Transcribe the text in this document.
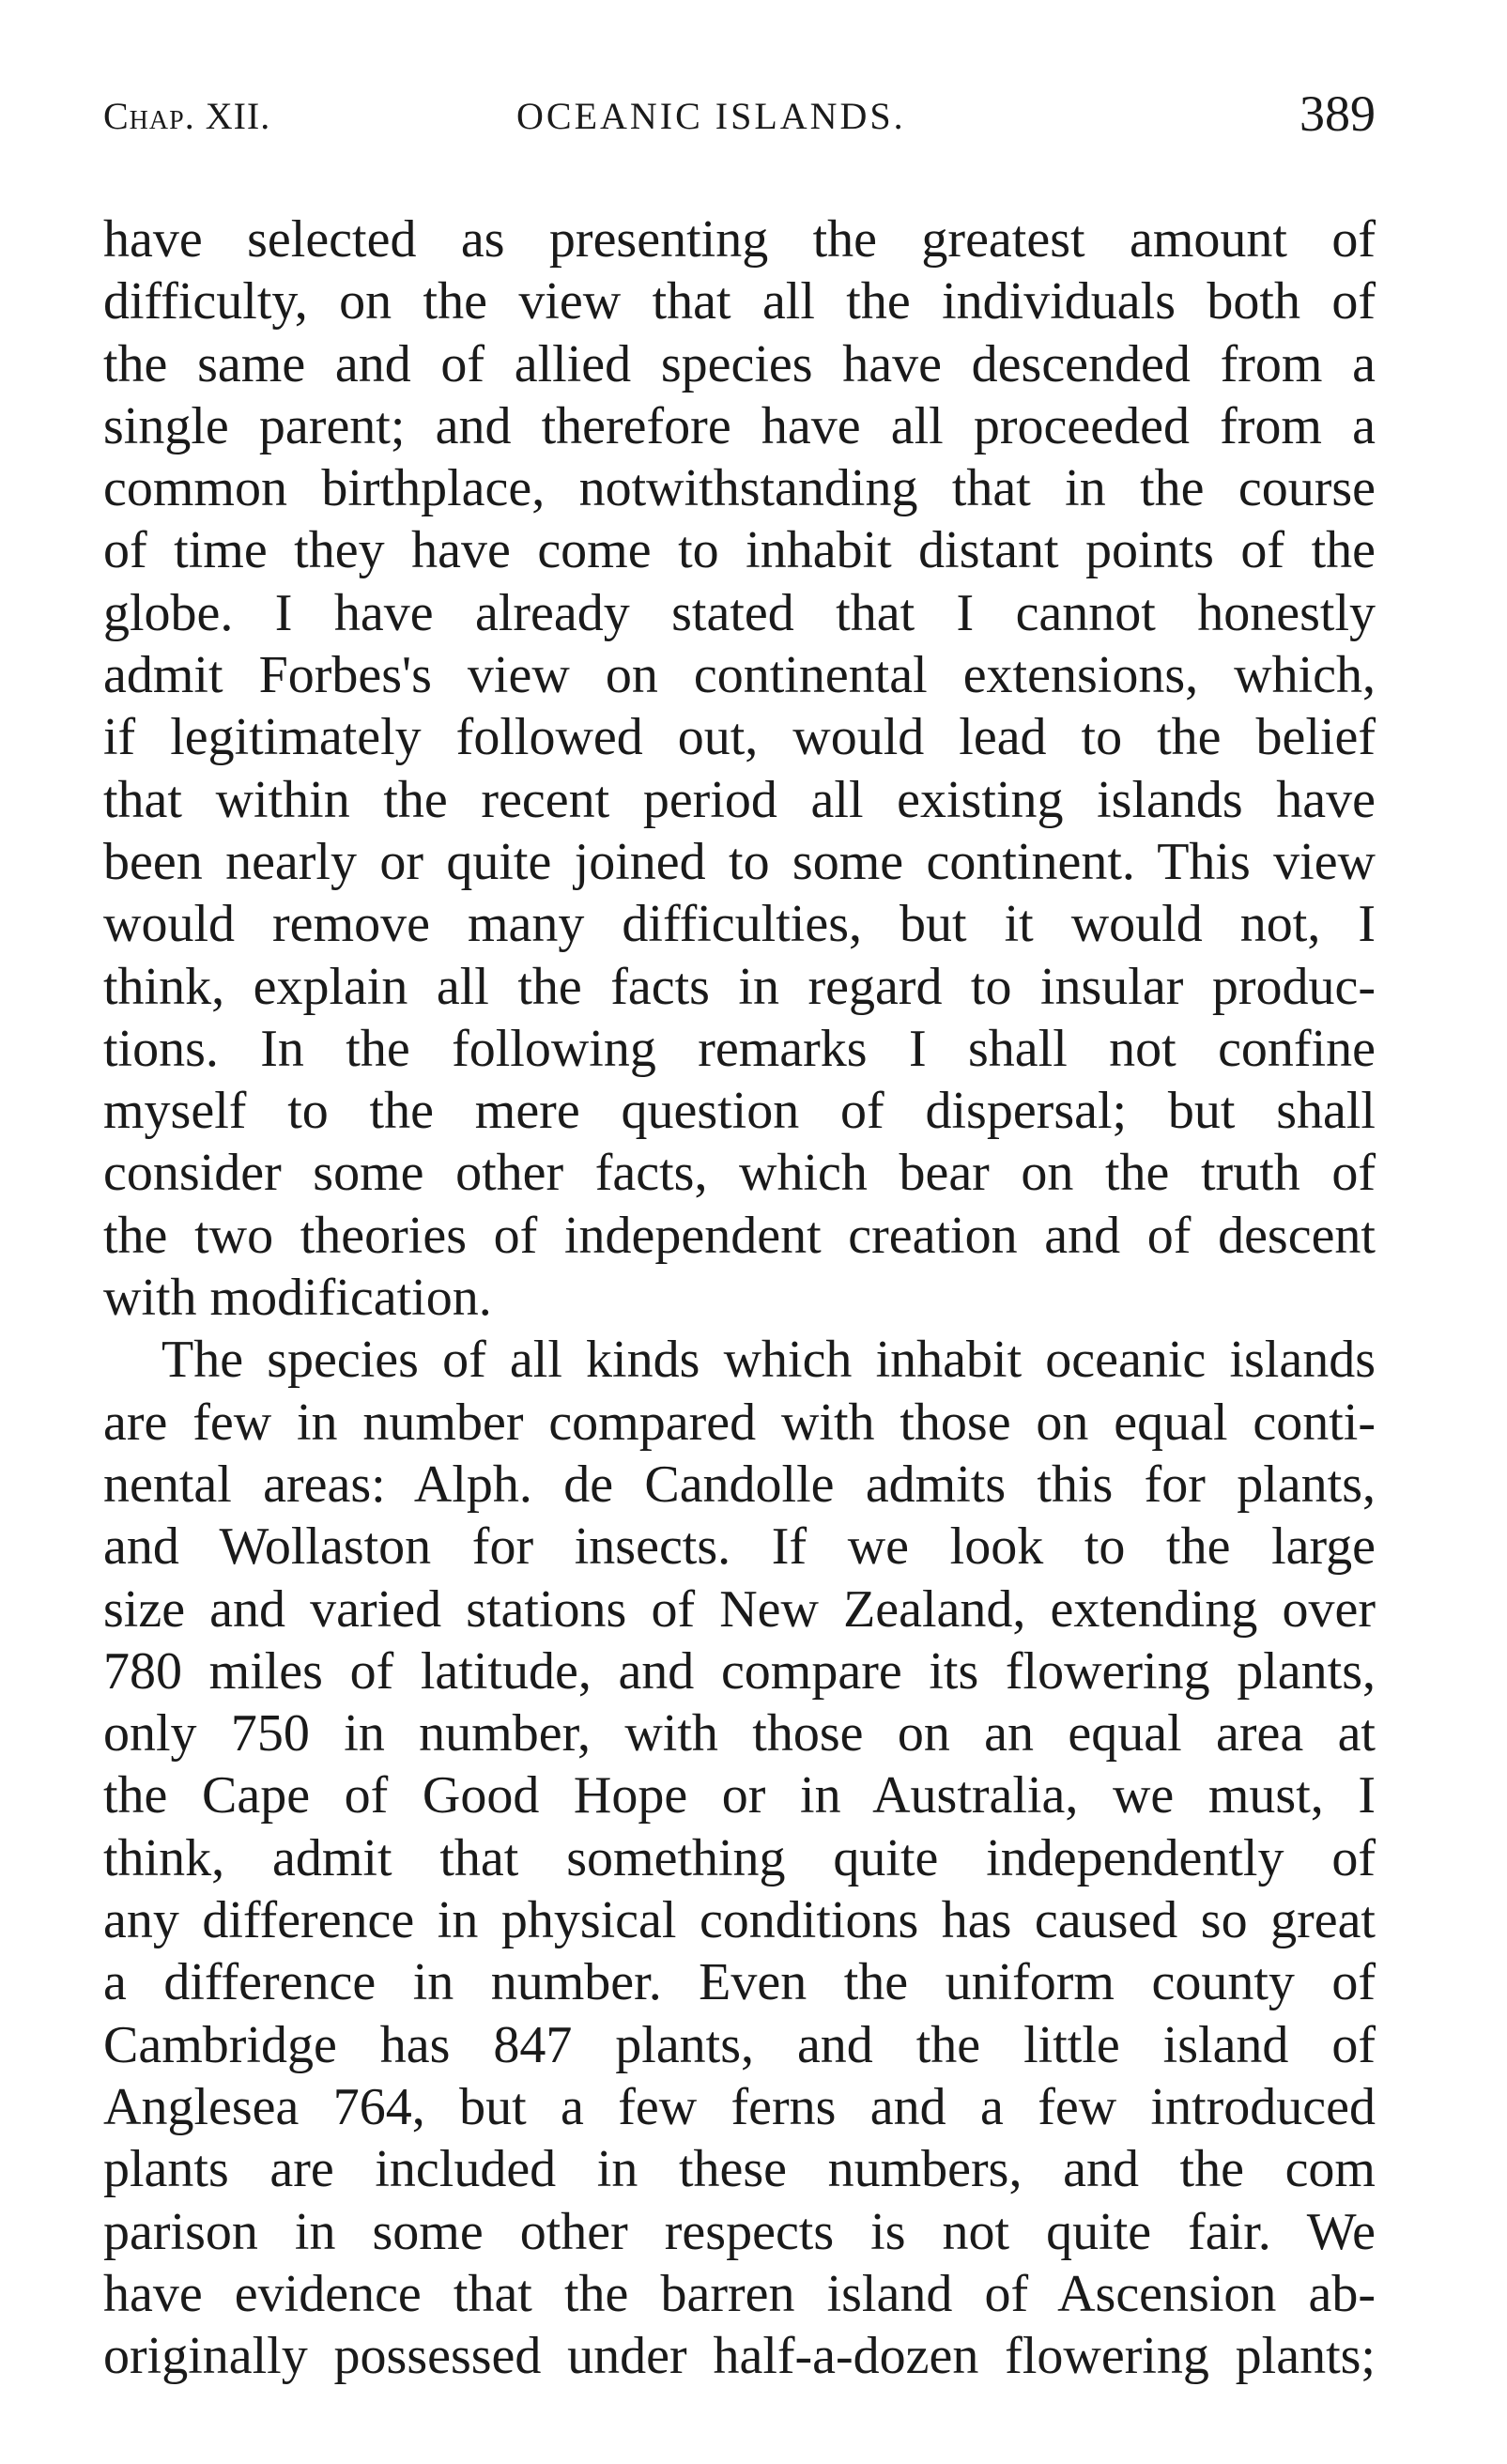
Chap. XII.	OCEANIC ISLANDS.	389
have selected as presenting the greatest amount of
difficulty, on the view that all the individuals both of
the same and of allied species have descended from a
single parent; and therefore have all proceeded from a
common birthplace, notwithstanding that in the course
of time they have come to inhabit distant points of the
globe. I have already stated that I cannot honestly
admit Forbes's view on continental extensions, which,
if legitimately followed out, would lead to the belief
that within the recent period all existing islands have
been nearly or quite joined to some continent. This view
would remove many difficulties, but it would not, I
think, explain all the facts in regard to insular produc-
tions. In the following remarks I shall not confine
myself to the mere question of dispersal; but shall
consider some other facts, which bear on the truth of
the two theories of independent creation and of descent
with modification.
The species of all kinds which inhabit oceanic islands
are few in number compared with those on equal conti-
nental areas: Alph. de Candolle admits this for plants,
and Wollaston for insects. If we look to the large
size and varied stations of New Zealand, extending over
780 miles of latitude, and compare its flowering plants,
only 750 in number, with those on an equal area at
the Cape of Good Hope or in Australia, we must, I
think, admit that something quite independently of
any difference in physical conditions has caused so great
a difference in number. Even the uniform county of
Cambridge has 847 plants, and the little island of
Anglesea 764, but a few ferns and a few introduced
plants are included in these numbers, and the com
parison in some other respects is not quite fair. We
have evidence that the barren island of Ascension ab-
originally possessed under half-a-dozen flowering plants;
